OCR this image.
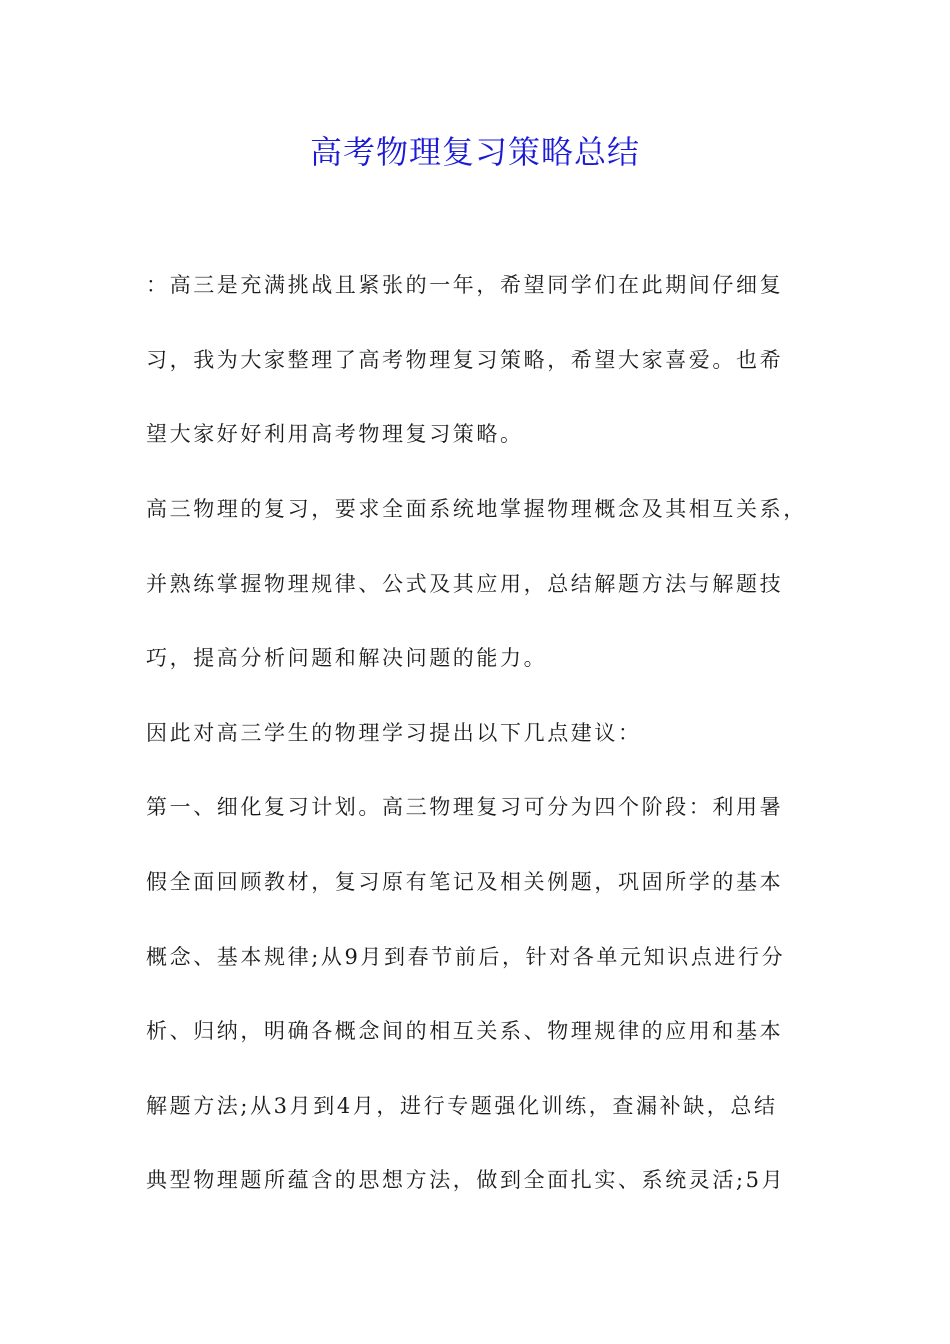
高考物理复习策略总结
：高三是充满挑战且紧张的一年，希望同学们在此期间仔细复
习，我为大家整理了高考物理复习策略，希望大家喜爱。也希
望大家好好利用高考物理复习策略。
高三物理的复习，要求全面系统地掌握物理概念及其相互关系，
并熟练掌握物理规律、公式及其应用，总结解题方法与解题技
巧，提高分析问题和解决问题的能力。
因此对高三学生的物理学习提出以下几点建议：
第一、细化复习计划。高三物理复习可分为四个阶段：利用暑
假全面回顾教材，复习原有笔记及相关例题，巩固所学的基本
概念、基本规律;从9月到春节前后，针对各单元知识点进行分
析、归纳，明确各概念间的相互关系、物理规律的应用和基本
解题方法;从3月到4月，进行专题强化训练，查漏补缺，总结
典型物理题所蕴含的思想方法，做到全面扎实、系统灵活;5月
